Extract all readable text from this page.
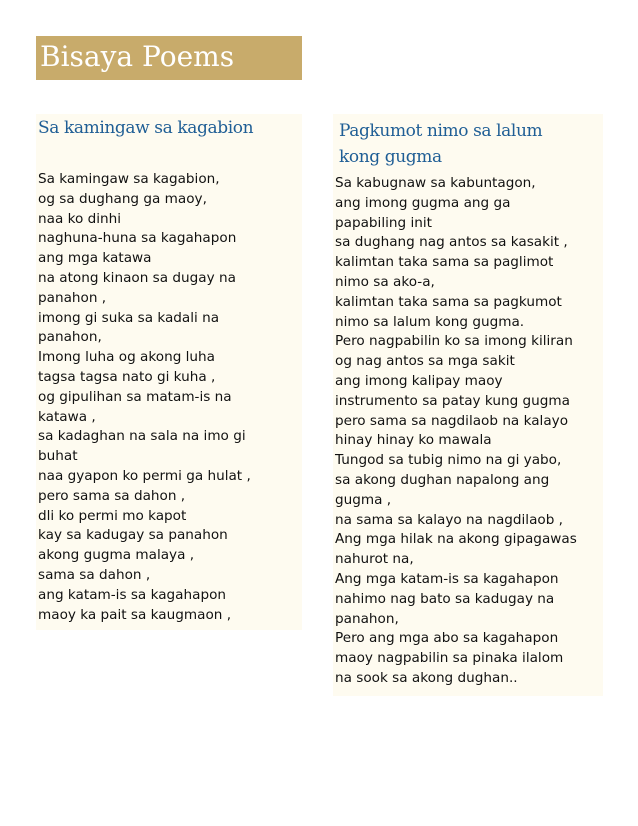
Bisaya Poems
Sa kamingaw sa kagabion
Sa kamingaw sa kagabion,
og sa dughang ga maoy,
naa ko dinhi
naghuna-huna sa kagahapon
ang mga katawa
na atong kinaon sa dugay na
panahon ,
imong gi suka sa kadali na
panahon,
Imong luha og akong luha
tagsa tagsa nato gi kuha ,
og gipulihan sa matam-is na
katawa ,
sa kadaghan na sala na imo gi
buhat
naa gyapon ko permi ga hulat ,
pero sama sa dahon ,
dli ko permi mo kapot
kay sa kadugay sa panahon
akong gugma malaya ,
sama sa dahon ,
ang katam-is sa kagahapon
maoy ka pait sa kaugmaon ,
Pagkumot nimo sa lalum
kong gugma
Sa kabugnaw sa kabuntagon,
ang imong gugma ang ga
papabiling init
sa dughang nag antos sa kasakit ,
kalimtan taka sama sa paglimot
nimo sa ako-a,
kalimtan taka sama sa pagkumot
nimo sa lalum kong gugma.
Pero nagpabilin ko sa imong kiliran
og nag antos sa mga sakit
ang imong kalipay maoy
instrumento sa patay kung gugma
pero sama sa nagdilaob na kalayo
hinay hinay ko mawala
Tungod sa tubig nimo na gi yabo,
sa akong dughan napalong ang
gugma ,
na sama sa kalayo na nagdilaob ,
Ang mga hilak na akong gipagawas
nahurot na,
Ang mga katam-is sa kagahapon
nahimo nag bato sa kadugay na
panahon,
Pero ang mga abo sa kagahapon
maoy nagpabilin sa pinaka ilalom
na sook sa akong dughan..
